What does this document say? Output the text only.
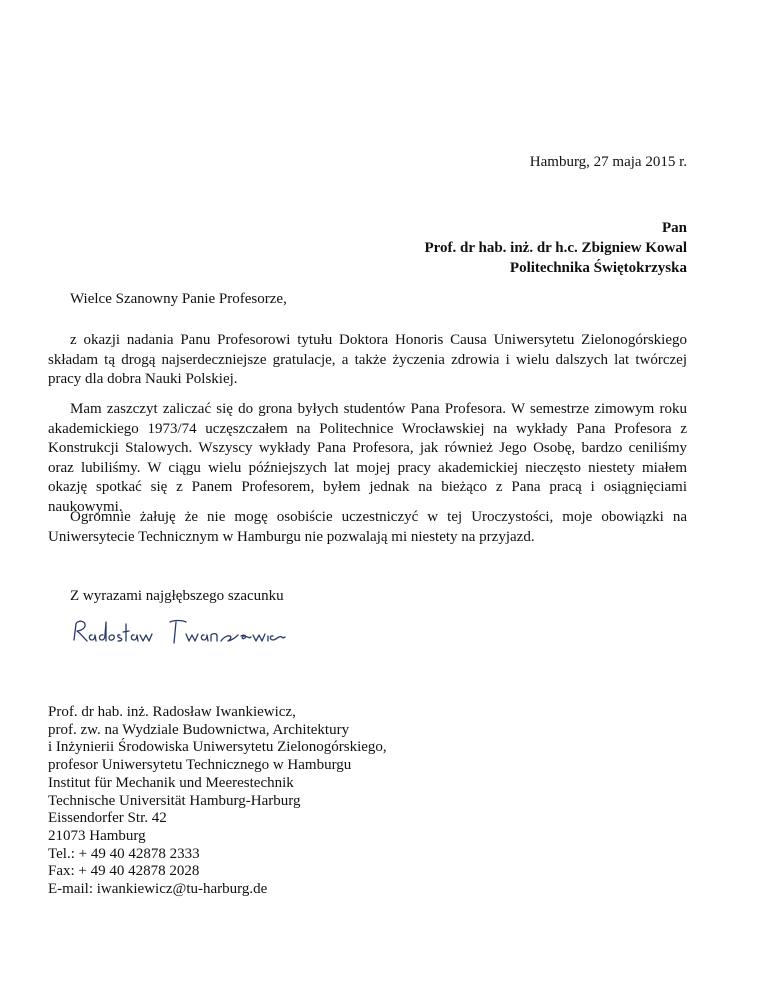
Hamburg, 27 maja 2015 r.
Pan
Prof. dr hab. inż. dr h.c. Zbigniew Kowal
Politechnika Świętokrzyska
Wielce Szanowny Panie Profesorze,

z okazji nadania Panu Profesorowi tytułu Doktora Honoris Causa Uniwersytetu Zielonogórskiego składam tą drogą najserdeczniejsze gratulacje, a także życzenia zdrowia i wielu dalszych lat twórczej pracy dla dobra Nauki Polskiej.

Mam zaszczyt zaliczać się do grona byłych studentów Pana Profesora. W semestrze zimowym roku akademickiego 1973/74 uczęszczałem na Politechnice Wrocławskiej na wykłady Pana Profesora z Konstrukcji Stalowych. Wszyscy wykłady Pana Profesora, jak również Jego Osobę, bardzo ceniliśmy oraz lubiliśmy. W ciągu wielu późniejszych lat mojej pracy akademickiej nieczęsto niestety miałem okazję spotkać się z Panem Profesorem, byłem jednak na bieżąco z Pana pracą i osiągnięciami naukowymi.

Ogromnie żałuję że nie mogę osobiście uczestniczyć w tej Uroczystości, moje obowiązki na Uniwersytecie Technicznym w Hamburgu nie pozwalają mi niestety na przyjazd.

Z wyrazami najgłębszego szacunku
Prof. dr hab. inż. Radosław Iwankiewicz,
prof. zw. na Wydziale Budownictwa, Architektury
i Inżynierii Środowiska Uniwersytetu Zielonogórskiego,
profesor Uniwersytetu Technicznego w Hamburgu
Institut für Mechanik und Meerestechnik
Technische Universität Hamburg-Harburg
Eissendorfer Str. 42
21073 Hamburg
Tel.: + 49 40 42878 2333
Fax: + 49 40 42878 2028
E-mail: iwankiewicz@tu-harburg.de
